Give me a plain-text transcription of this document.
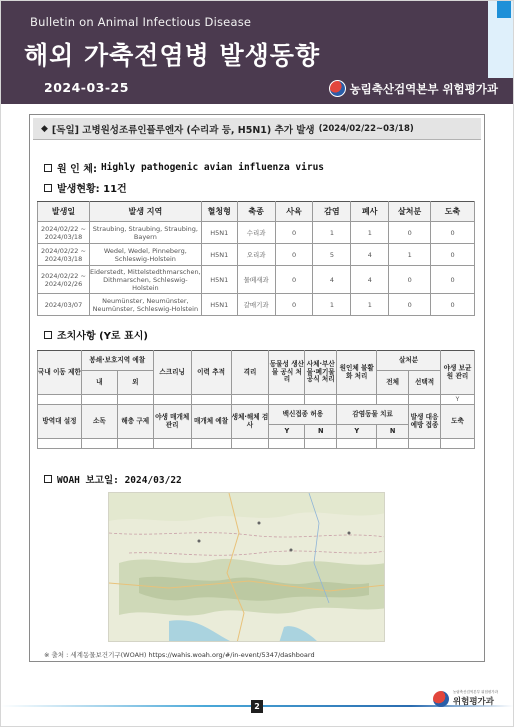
Bulletin on Animal Infectious Disease
해외 가축전염병 발생동향
2024-03-25	농림축산검역본부 위험평가과
◆ [독일] 고병원성조류인플루엔자 (수리과 등, H5N1) 추가 발생 (2024/02/22~03/18)
원 인 체: Highly pathogenic avian influenza virus
발생현황: 11건
발생일	발생 지역	혈청형	축종	사육	감염	폐사	살처분	도축
2024/02/22 ~ 2024/03/18	Straubing, Straubing, Straubing, Bayern	H5N1	수리과	0	1	1	0	0
2024/02/22 ~ 2024/03/18	Wedel, Wedel, Pinneberg, Schleswig-Holstein	H5N1	오리과	0	5	4	1	0
2024/02/22 ~ 2024/02/26	Eiderstedt, Mittelstedthmarschen, Dithmarschen, Schleswig-Holstein	H5N1	물떼새과	0	4	4	0	0
2024/03/07	Neumünster, Neumünster, Neumünster, Schleswig-Holstein	H5N1	갈매기과	0	1	1	0	0
조치사항 (Y로 표시)
국내 이동 제한	봉쇄·보호지역 예찰		스크리닝	이력 추적	격리	동물성 생산물 공식 처리	사체·부산물·폐기물 공식 처리	원인체 불활화 처리	살처분		야생 보균원 관리
	내	외							전체	선택적	
											Y
방역대 설정	소독	해충 구제	야생 매개체 관리	매개체 예찰	생체·해체 검사	백신접종 허용		감염동물 치료		발생 대응 예방 접종	도축
						Y	N	Y	N		

WOAH 보고일: 2024/03/22
※ 출처 : 세계동물보건기구(WOAH) https://wahis.woah.org/#/in-event/5347/dashboard
2
농림축산검역본부 위험평가과
위험평가과
